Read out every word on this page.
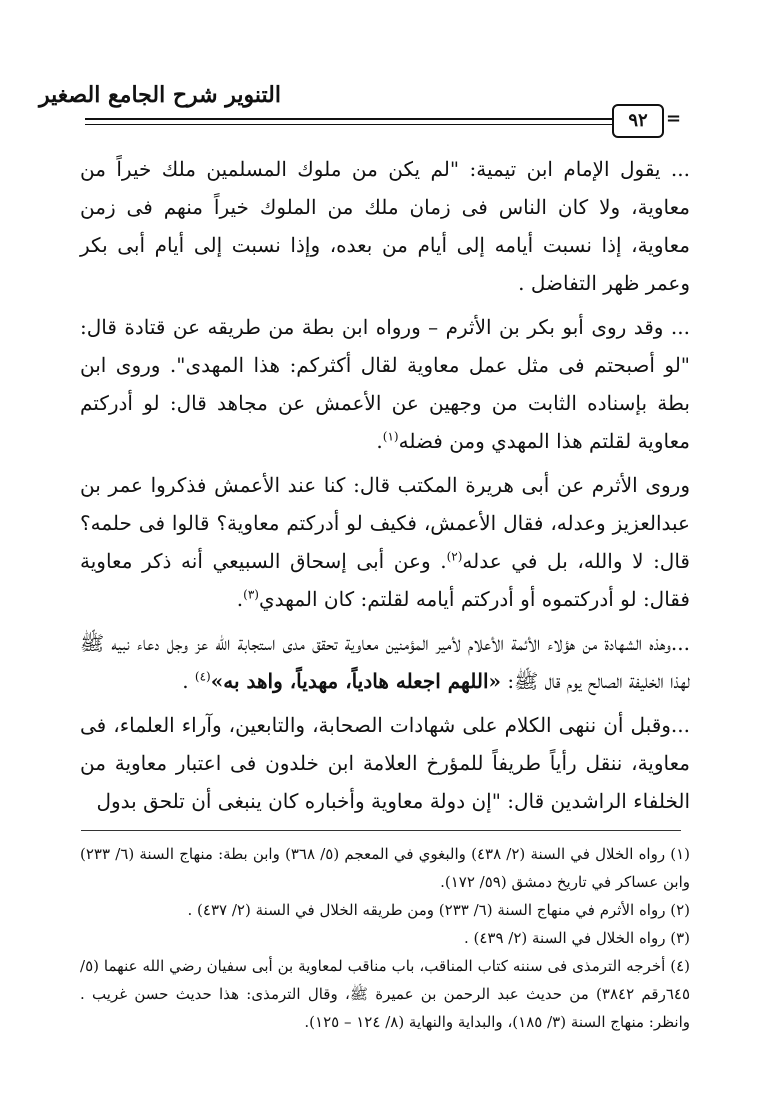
التنوير شرح الجامع الصغير
٩٢	=

... يقول الإمام ابن تيمية: "لم يكن من ملوك المسلمين ملك خيراً من معاوية، ولا كان الناس فى زمان ملك من الملوك خيراً منهم فى زمن معاوية، إذا نسبت أيامه إلى أيام من بعده، وإذا نسبت إلى أيام أبى بكر وعمر ظهر التفاضل .

... وقد روى أبو بكر بن الأثرم – ورواه ابن بطة من طريقه عن قتادة قال: "لو أصبحتم فى مثل عمل معاوية لقال أكثركم: هذا المهدى". وروى ابن بطة بإسناده الثابت من وجهين عن الأعمش عن مجاهد قال: لو أدركتم معاوية لقلتم هذا المهدي ومن فضله$^{(١)}$.

وروى الأثرم عن أبى هريرة المكتب قال: كنا عند الأعمش فذكروا عمر بن عبدالعزيز وعدله، فقال الأعمش، فكيف لو أدركتم معاوية؟ قالوا فى حلمه؟ قال: لا والله، بل في عدله$^{(٢)}$. وعن أبى إسحاق السبيعي أنه ذكر معاوية فقال: لو أدركتموه أو أدركتم أيامه لقلتم: كان المهدي$^{(٣)}$.

...وهذه الشهادة من هؤلاء الأئمة الأعلام لأمير المؤمنين معاوية تحقق مدى استجابة الله عز وجل دعاء نبيه ﷺ لهذا الخليفة الصالح يوم قال ﷺ: «اللهم اجعله هادياً، مهدياً، واهد به»$^{(٤)}$ .

...وقبل أن ننهى الكلام على شهادات الصحابة، والتابعين، وآراء العلماء، فى معاوية، ننقل رأياً طريفاً للمؤرخ العلامة ابن خلدون فى اعتبار معاوية من الخلفاء الراشدين قال: "إن دولة معاوية وأخباره كان ينبغى أن تلحق بدول

(١) رواه الخلال في السنة (٢/ ٤٣٨) والبغوي في المعجم (٥/ ٣٦٨) وابن بطة: منهاج السنة (٦/ ٢٣٣) وابن عساكر في تاريخ دمشق (٥٩/ ١٧٢).

(٢) رواه الأثرم في منهاج السنة (٦/ ٢٣٣) ومن طريقه الخلال في السنة (٢/ ٤٣٧) .

(٣) رواه الخلال في السنة (٢/ ٤٣٩) .

(٤) أخرجه الترمذى فى سننه كتاب المناقب، باب مناقب لمعاوية بن أبى سفيان رضي الله عنهما (٥/ ٦٤٥رقم ٣٨٤٢) من حديث عبد الرحمن بن عميرة ﷺ، وقال الترمذى: هذا حديث حسن غريب . وانظر: منهاج السنة (٣/ ١٨٥)، والبداية والنهاية (٨/ ١٢٤ – ١٢٥).
